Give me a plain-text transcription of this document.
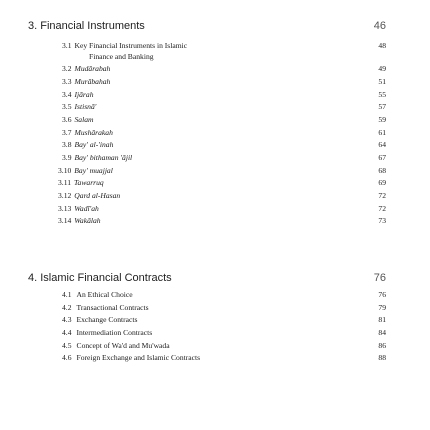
3. Financial Instruments	46
3.1 Key Financial Instruments in Islamic	48
Finance and Banking
3.2 Mudārabah	49
3.3 Murābahah	51
3.4 Ijārah	55
3.5 Istisnā'	57
3.6 Salam	59
3.7 Mushārakah	61
3.8 Bay' al-'inah	64
3.9 Bay' bithaman 'ājil	67
3.10 Bay' muajjal	68
3.11 Tawarruq	69
3.12 Qard al-Hasan	72
3.13 Wadī'ah	72
3.14 Wakālah	73
4. Islamic Financial Contracts	76
4.1 An Ethical Choice	76
4.2 Transactional Contracts	79
4.3 Exchange Contracts	81
4.4 Intermediation Contracts	84
4.5 Concept of Wa'd and Mu'wada	86
4.6 Foreign Exchange and Islamic Contracts	88
